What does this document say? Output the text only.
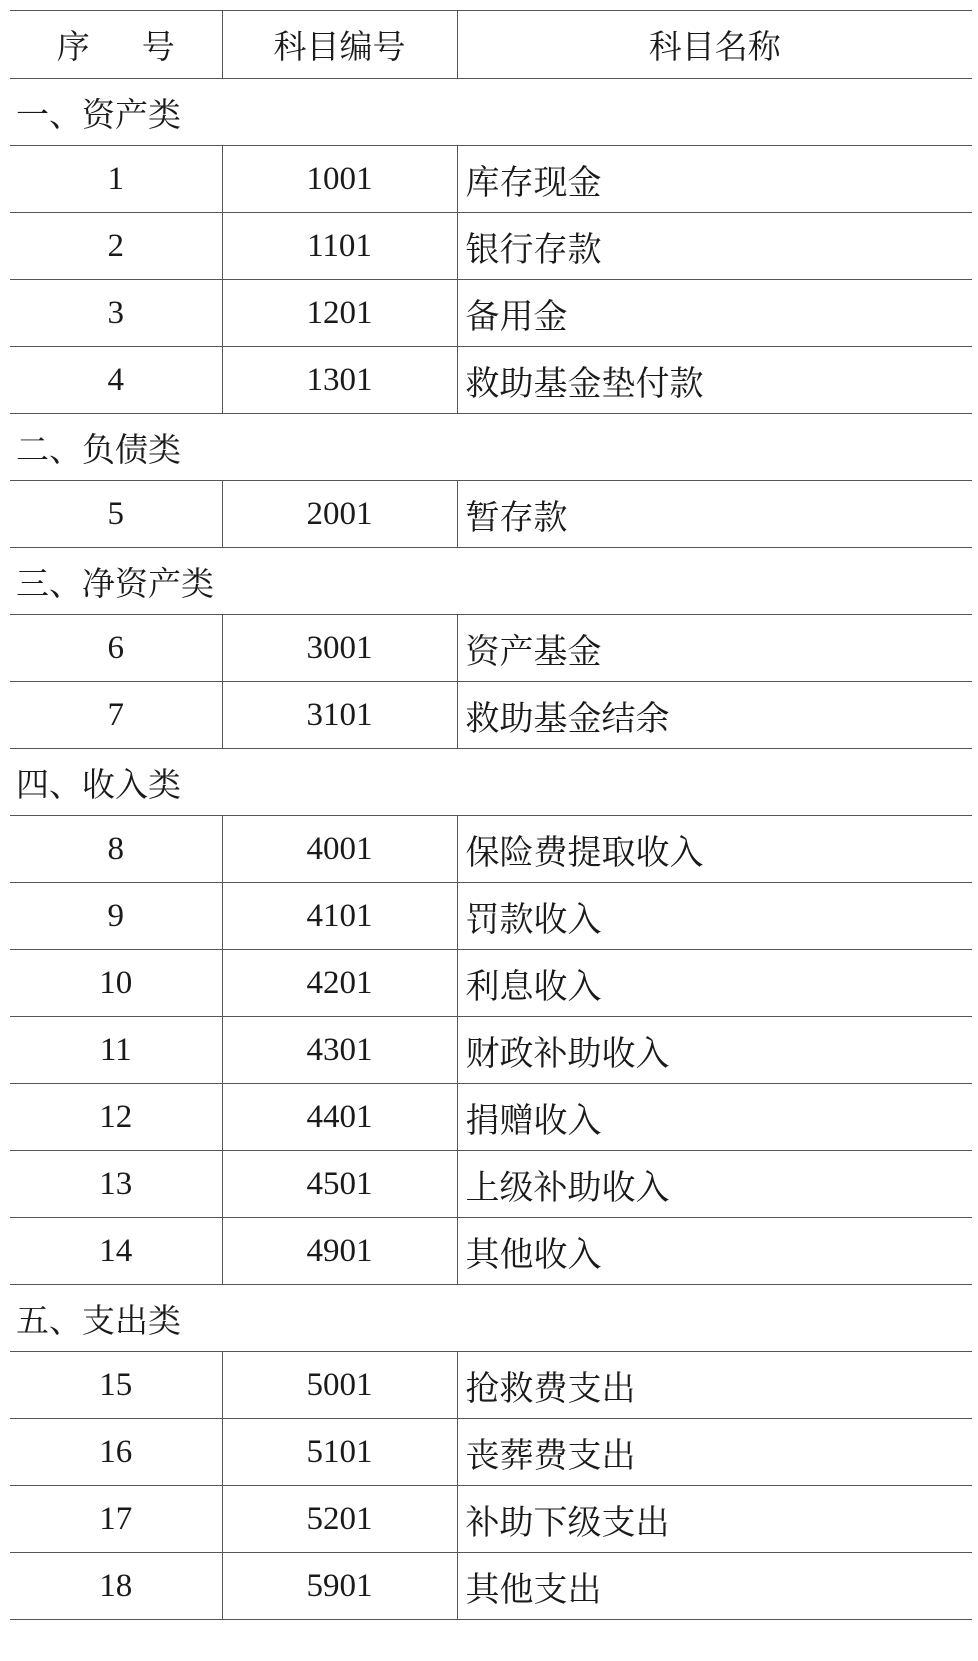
序 号	科目编号	科目名称
一、资产类		
1	1001	库存现金
2	1101	银行存款
3	1201	备用金
4	1301	救助基金垫付款
二、负债类		
5	2001	暂存款
三、净资产类		
6	3001	资产基金
7	3101	救助基金结余
四、收入类		
8	4001	保险费提取收入
9	4101	罚款收入
10	4201	利息收入
11	4301	财政补助收入
12	4401	捐赠收入
13	4501	上级补助收入
14	4901	其他收入
五、支出类		
15	5001	抢救费支出
16	5101	丧葬费支出
17	5201	补助下级支出
18	5901	其他支出
